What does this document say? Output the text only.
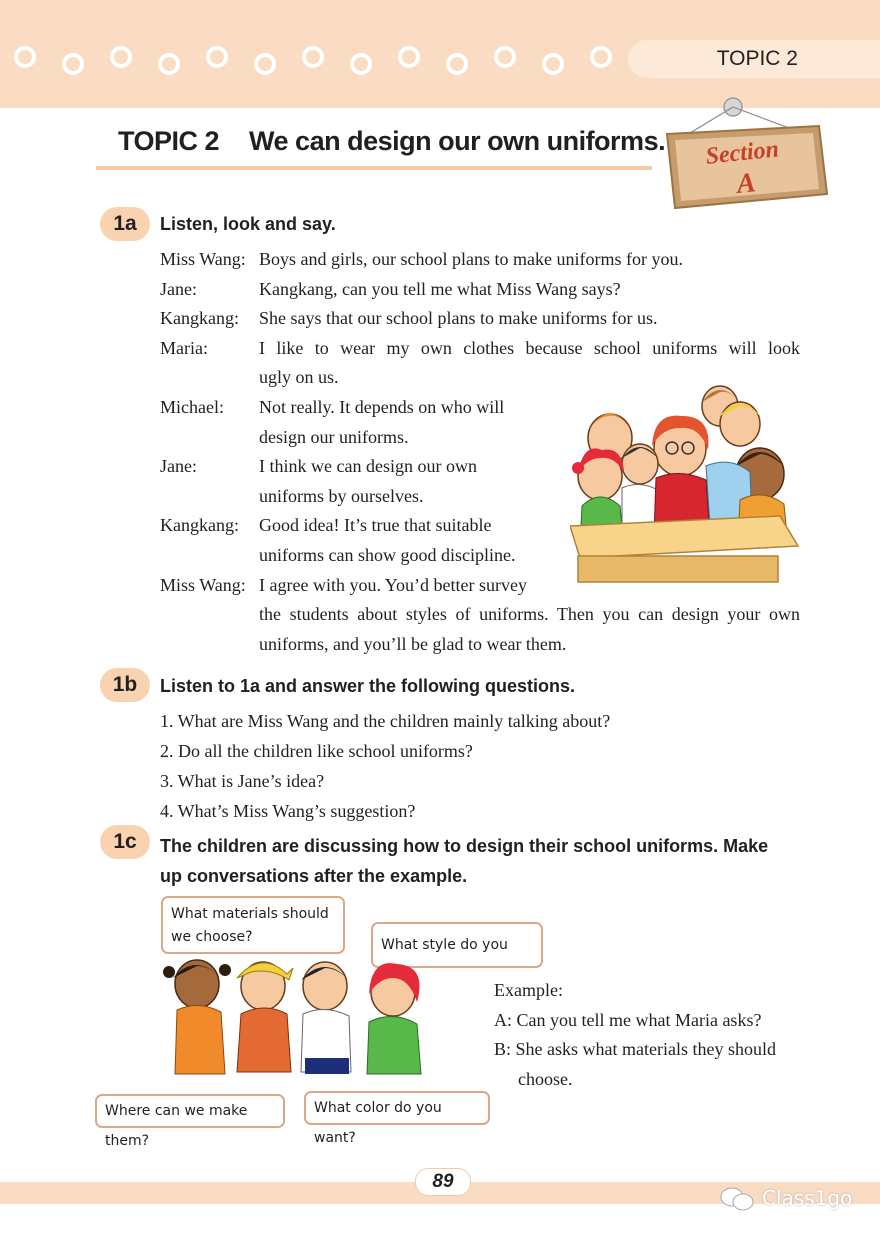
TOPIC 2
TOPIC 2 We can design our own uniforms. Section
A
1a	Listen, look and say.
Miss Wang: Boys and girls, our school plans to make uniforms for you.
Jane:	Kangkang, can you tell me what Miss Wang says?
Kangkang:	She says that our school plans to make uniforms for us.
Maria:	I like to wear my own clothes because school uniforms will look
ugly on us.
Michael:	Not really. It depends on who will
design our uniforms.
Jane:	I think we can design our own
uniforms by ourselves.
Kangkang:	Good idea! It’s true that suitable
uniforms can show good discipline.
Miss Wang: I agree with you. You’d better survey
the students about styles of uniforms. Then you can design your own
uniforms, and you’ll be glad to wear them.
1b	Listen to 1a and answer the following questions.
1. What are Miss Wang and the children mainly talking about?
2. Do all the children like school uniforms?
3. What is Jane’s idea?
4. What’s Miss Wang’s suggestion?
1c	The children are discussing how to design their school uniforms. Make
up conversations after the example.
What materials should
we choose?	What style do you
Where can we make them?
What color do you want?
Example:
A: Can you tell me what Maria asks?
B: She asks what materials they should
choose.
89
Class1go
